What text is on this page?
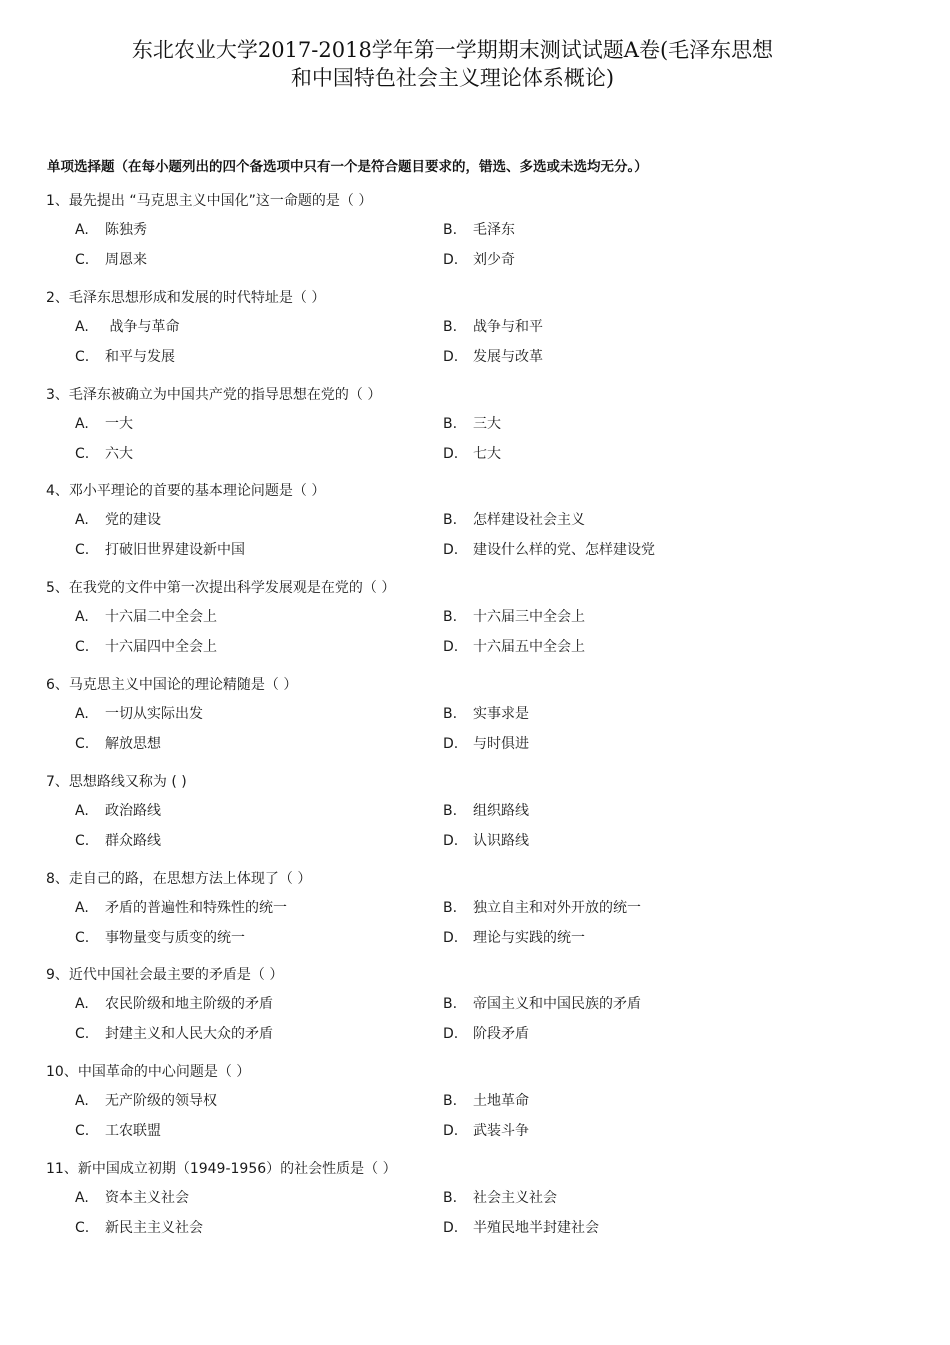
东北农业大学2017-2018学年第一学期期末测试试题A卷(毛泽东思想
和中国特色社会主义理论体系概论)
单项选择题（在每小题列出的四个备选项中只有一个是符合题目要求的，错选、多选或未选均无分。）
1、最先提出 “马克思主义中国化”这一命题的是（ ）
A. 陈独秀	B. 毛泽东
C. 周恩来	D. 刘少奇
2、毛泽东思想形成和发展的时代特址是（ ）
A. 战争与革命	B. 战争与和平
C. 和平与发展	D. 发展与改革
3、毛泽东被确立为中国共产党的指导思想在党的（ ）
A. 一大	B. 三大
C. 六大	D. 七大
4、邓小平理论的首要的基本理论问题是（ ）
A. 党的建设	B. 怎样建设社会主义
C. 打破旧世界建设新中国	D. 建设什么样的党、怎样建设党
5、在我党的文件中第一次提出科学发展观是在党的（ ）
A. 十六届二中全会上	B. 十六届三中全会上
C. 十六届四中全会上	D. 十六届五中全会上
6、马克思主义中国论的理论精随是（ ）
A. 一切从实际出发	B. 实事求是
C. 解放思想	D. 与时俱进
7、思想路线又称为 ( )
A. 政治路线	B. 组织路线
C. 群众路线	D. 认识路线
8、走自己的路，在思想方法上体现了（ ）
A. 矛盾的普遍性和特殊性的统一	B. 独立自主和对外开放的统一
C. 事物量变与质变的统一	D. 理论与实践的统一
9、近代中国社会最主要的矛盾是（ ）
A. 农民阶级和地主阶级的矛盾	B. 帝国主义和中国民族的矛盾
C. 封建主义和人民大众的矛盾	D. 阶段矛盾
10、中国革命的中心问题是（ ）
A. 无产阶级的领导权	B. 土地革命
C. 工农联盟	D. 武装斗争
11、新中国成立初期（1949-1956）的社会性质是（ ）
A. 资本主义社会	B. 社会主义社会
C. 新民主主义社会	D. 半殖民地半封建社会
